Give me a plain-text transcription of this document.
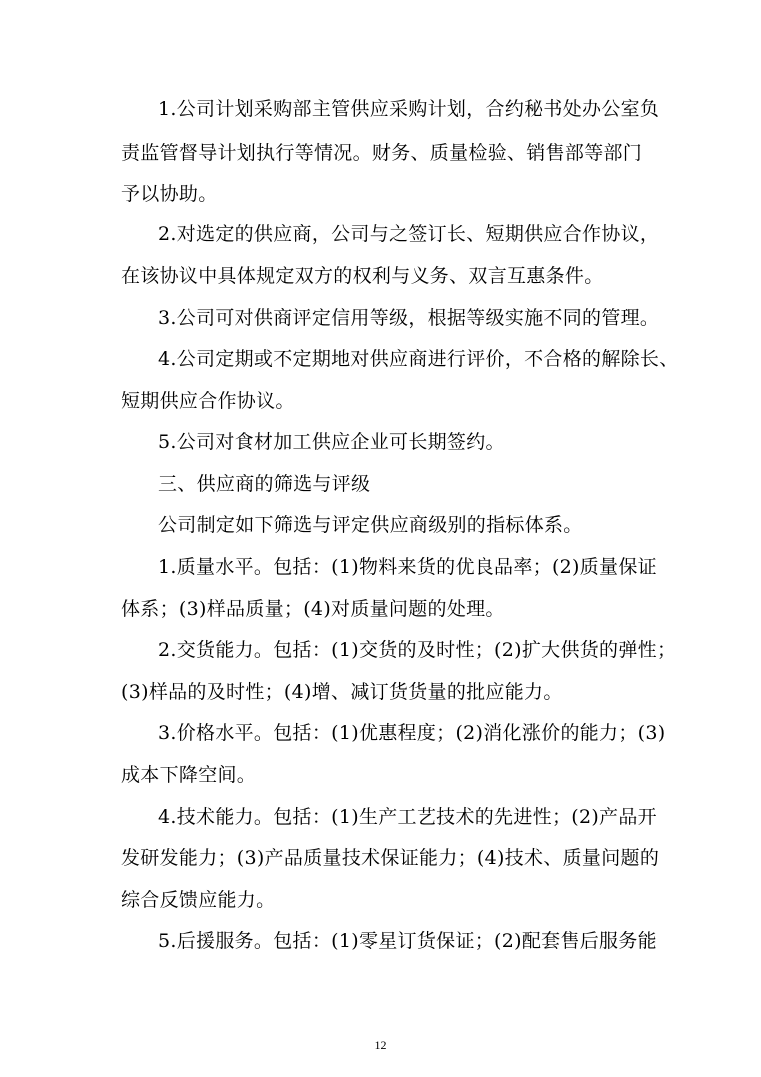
1.公司计划采购部主管供应采购计划，合约秘书处办公室负

责监管督导计划执行等情况。财务、质量检验、销售部等部门

予以协助。

2.对选定的供应商，公司与之签订长、短期供应合作协议，

在该协议中具体规定双方的权利与义务、双言互惠条件。

3.公司可对供商评定信用等级，根据等级实施不同的管理。

4.公司定期或不定期地对供应商进行评价，不合格的解除长、

短期供应合作协议。

5.公司对食材加工供应企业可长期签约。

三、供应商的筛选与评级

公司制定如下筛选与评定供应商级别的指标体系。

1.质量水平。包括：(1)物料来货的优良品率；(2)质量保证

体系；(3)样品质量；(4)对质量问题的处理。

2.交货能力。包括：(1)交货的及时性；(2)扩大供货的弹性；

(3)样品的及时性；(4)增、减订货货量的批应能力。

3.价格水平。包括：(1)优惠程度；(2)消化涨价的能力；(3)

成本下降空间。

4.技术能力。包括：(1)生产工艺技术的先进性；(2)产品开

发研发能力；(3)产品质量技术保证能力；(4)技术、质量问题的

综合反馈应能力。

5.后援服务。包括：(1)零星订货保证；(2)配套售后服务能

12
